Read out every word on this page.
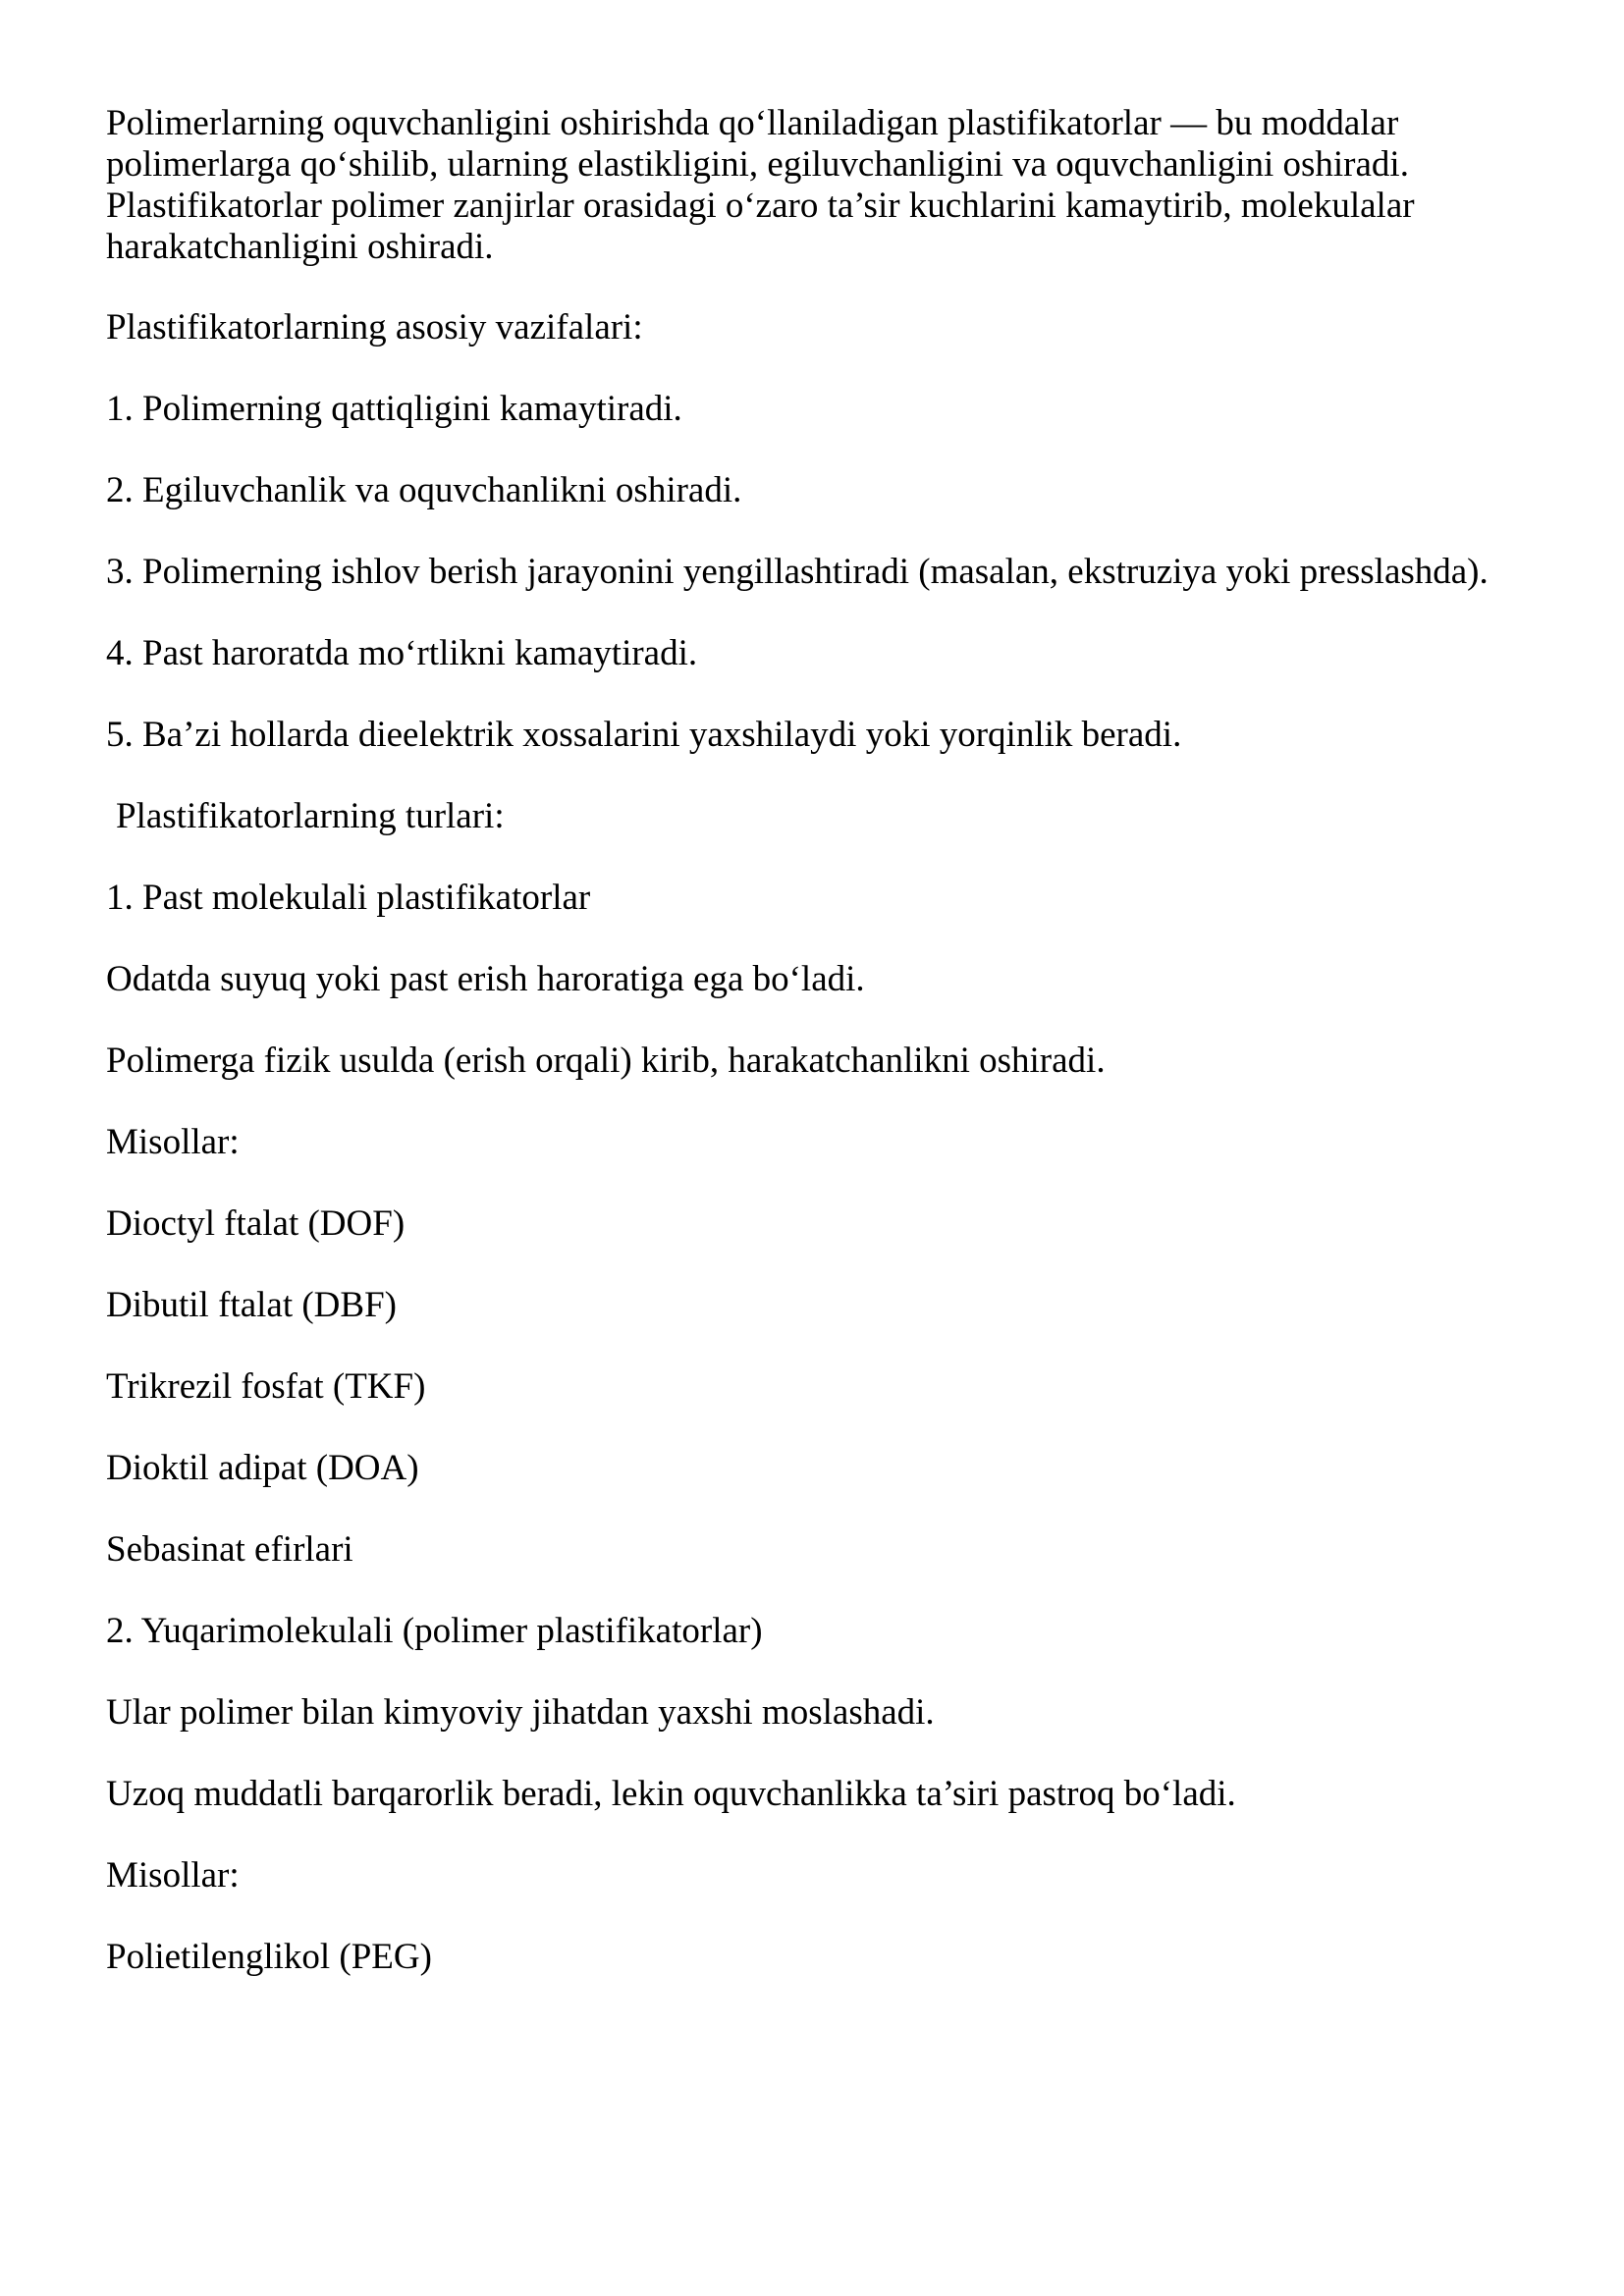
Polimerlarning oquvchanligini oshirishda qo‘llaniladigan plastifikatorlar — bu moddalar polimerlarga qo‘shilib, ularning elastikligini, egiluvchanligini va oquvchanligini oshiradi. Plastifikatorlar polimer zanjirlar orasidagi o‘zaro ta’sir kuchlarini kamaytirib, molekulalar harakatchanligini oshiradi.

Plastifikatorlarning asosiy vazifalari:

1. Polimerning qattiqligini kamaytiradi.

2. Egiluvchanlik va oquvchanlikni oshiradi.

3. Polimerning ishlov berish jarayonini yengillashtiradi (masalan, ekstruziya yoki presslashda).

4. Past haroratda mo‘rtlikni kamaytiradi.

5. Ba’zi hollarda dieelektrik xossalarini yaxshilaydi yoki yorqinlik beradi.

Plastifikatorlarning turlari:

1. Past molekulali plastifikatorlar

Odatda suyuq yoki past erish haroratiga ega bo‘ladi.

Polimerga fizik usulda (erish orqali) kirib, harakatchanlikni oshiradi.

Misollar:

Dioctyl ftalat (DOF)

Dibutil ftalat (DBF)

Trikrezil fosfat (TKF)

Dioktil adipat (DOA)

Sebasinat efirlari

2. Yuqarimolekulali (polimer plastifikatorlar)

Ular polimer bilan kimyoviy jihatdan yaxshi moslashadi.

Uzoq muddatli barqarorlik beradi, lekin oquvchanlikka ta’siri pastroq bo‘ladi.

Misollar:

Polietilenglikol (PEG)
